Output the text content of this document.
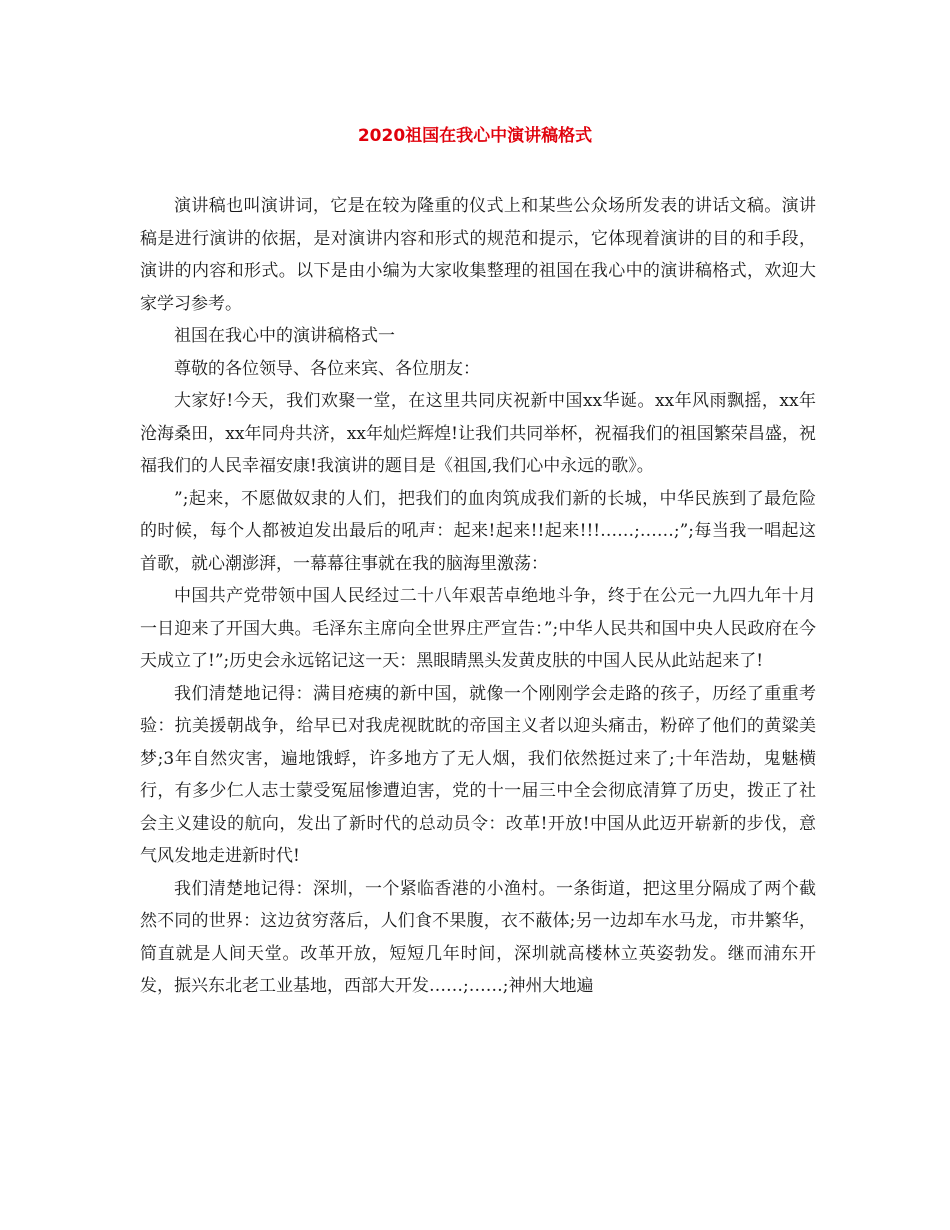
2020祖国在我心中演讲稿格式

演讲稿也叫演讲词，它是在较为隆重的仪式上和某些公众场所发表的讲话文稿。演讲稿是进行演讲的依据，是对演讲内容和形式的规范和提示，它体现着演讲的目的和手段，演讲的内容和形式。以下是由小编为大家收集整理的祖国在我心中的演讲稿格式，欢迎大家学习参考。

祖国在我心中的演讲稿格式一

尊敬的各位领导、各位来宾、各位朋友：

大家好!今天，我们欢聚一堂，在这里共同庆祝新中国xx华诞。xx年风雨飘摇，xx年沧海桑田，xx年同舟共济，xx年灿烂辉煌!让我们共同举杯，祝福我们的祖国繁荣昌盛，祝福我们的人民幸福安康!我演讲的题目是《祖国,我们心中永远的歌》。

”;起来，不愿做奴隶的人们，把我们的血肉筑成我们新的长城，中华民族到了最危险的时候，每个人都被迫发出最后的吼声：起来!起来!!起来!!!……;……;”;每当我一唱起这首歌，就心潮澎湃，一幕幕往事就在我的脑海里激荡：

中国共产党带领中国人民经过二十八年艰苦卓绝地斗争，终于在公元一九四九年十月一日迎来了开国大典。毛泽东主席向全世界庄严宣告：”;中华人民共和国中央人民政府在今天成立了!”;历史会永远铭记这一天：黑眼睛黑头发黄皮肤的中国人民从此站起来了!

我们清楚地记得：满目疮痍的新中国，就像一个刚刚学会走路的孩子，历经了重重考验：抗美援朝战争，给早已对我虎视眈眈的帝国主义者以迎头痛击，粉碎了他们的黄粱美梦;3年自然灾害，遍地饿蜉，许多地方了无人烟，我们依然挺过来了;十年浩劫，鬼魅横行，有多少仁人志士蒙受冤屈惨遭迫害，党的十一届三中全会彻底清算了历史，拨正了社会主义建设的航向，发出了新时代的总动员令：改革!开放!中国从此迈开崭新的步伐，意气风发地走进新时代!

我们清楚地记得：深圳，一个紧临香港的小渔村。一条街道，把这里分隔成了两个截然不同的世界：这边贫穷落后，人们食不果腹，衣不蔽体;另一边却车水马龙，市井繁华，简直就是人间天堂。改革开放，短短几年时间，深圳就高楼林立英姿勃发。继而浦东开发，振兴东北老工业基地，西部大开发……;……;神州大地遍
